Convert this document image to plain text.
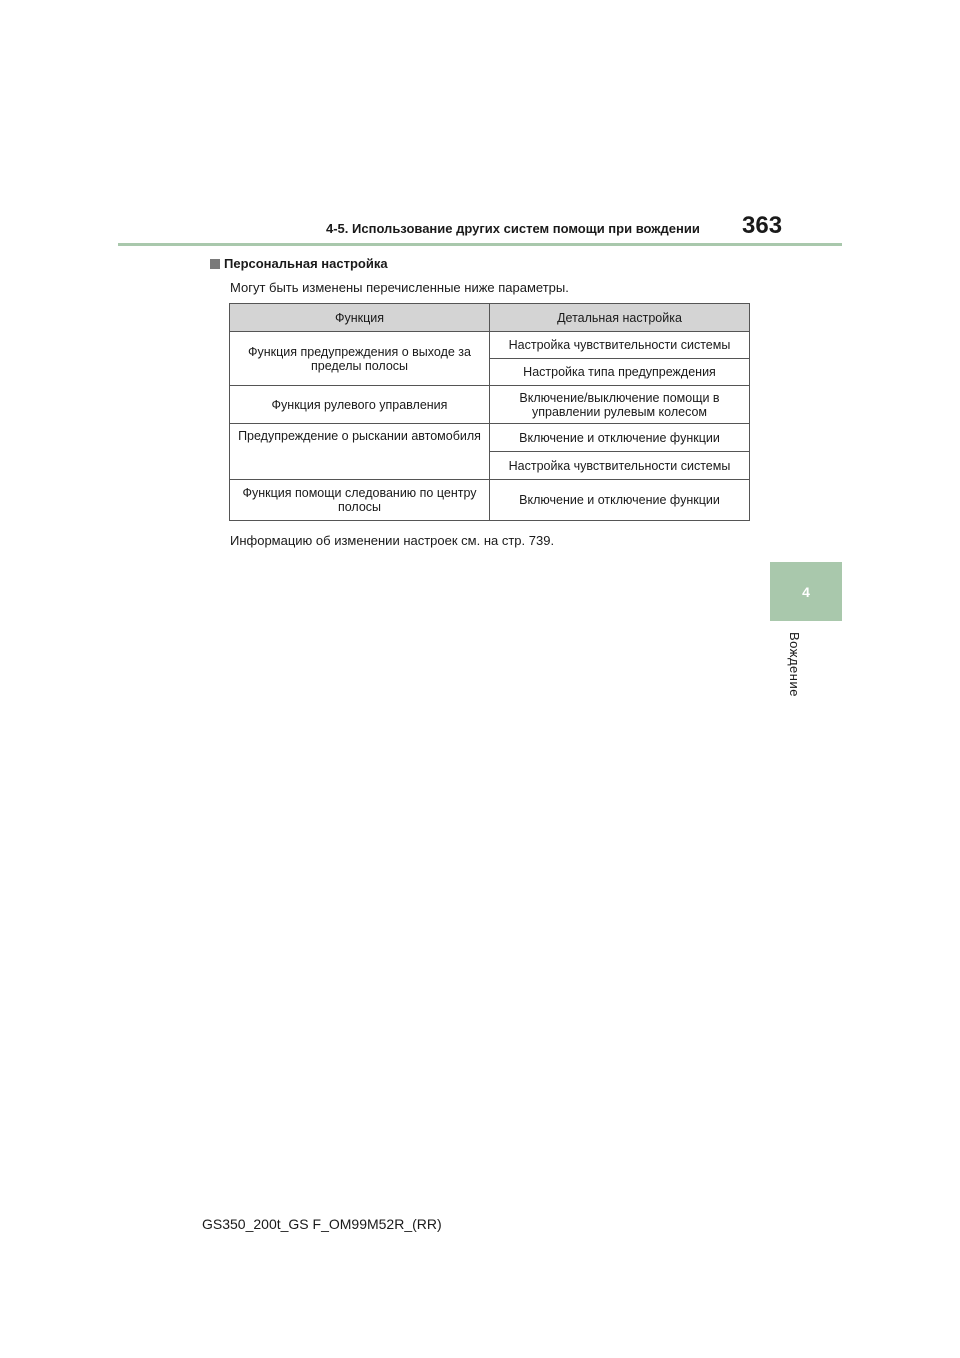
4-5. Использование других систем помощи при вождении 363
Персональная настройка
Могут быть изменены перечисленные ниже параметры.
Функция	Детальная настройка
Функция предупреждения о выходе за пределы полосы	Настройка чувствительности системы
	Настройка типа предупреждения
Функция рулевого управления	Включение/выключение помощи в управлении рулевым колесом
Предупреждение о рыскании автомобиля	Включение и отключение функции
	Настройка чувствительности системы
Функция помощи следованию по центру полосы	Включение и отключение функции
Информацию об изменении настроек см. на стр. 739.
4
Вождение
GS350_200t_GS F_OM99M52R_(RR)
